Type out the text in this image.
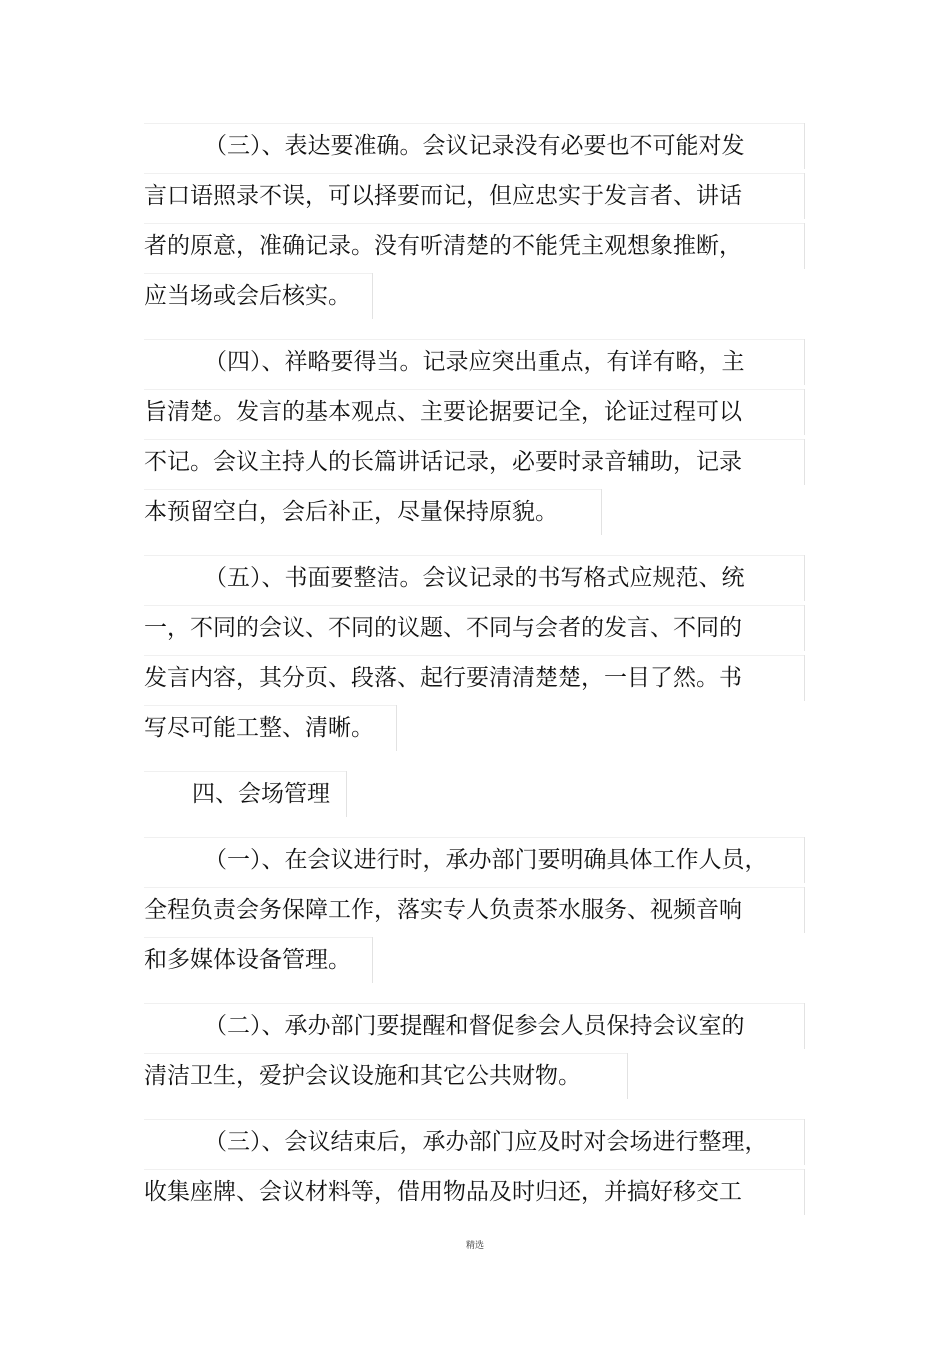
（三）、表达要准确。会议记录没有必要也不可能对发
言口语照录不误，可以择要而记，但应忠实于发言者、讲话
者的原意，准确记录。没有听清楚的不能凭主观想象推断，
应当场或会后核实。
（四）、祥略要得当。记录应突出重点，有详有略，主
旨清楚。发言的基本观点、主要论据要记全，论证过程可以
不记。会议主持人的长篇讲话记录，必要时录音辅助，记录
本预留空白，会后补正，尽量保持原貌。
（五）、书面要整洁。会议记录的书写格式应规范、统
一，不同的会议、不同的议题、不同与会者的发言、不同的
发言内容，其分页、段落、起行要清清楚楚，一目了然。书
写尽可能工整、清晰。
四、会场管理
（一）、在会议进行时，承办部门要明确具体工作人员，
全程负责会务保障工作，落实专人负责茶水服务、视频音响
和多媒体设备管理。
（二）、承办部门要提醒和督促参会人员保持会议室的
清洁卫生，爱护会议设施和其它公共财物。
（三）、会议结束后，承办部门应及时对会场进行整理，
收集座牌、会议材料等，借用物品及时归还，并搞好移交工
精选
